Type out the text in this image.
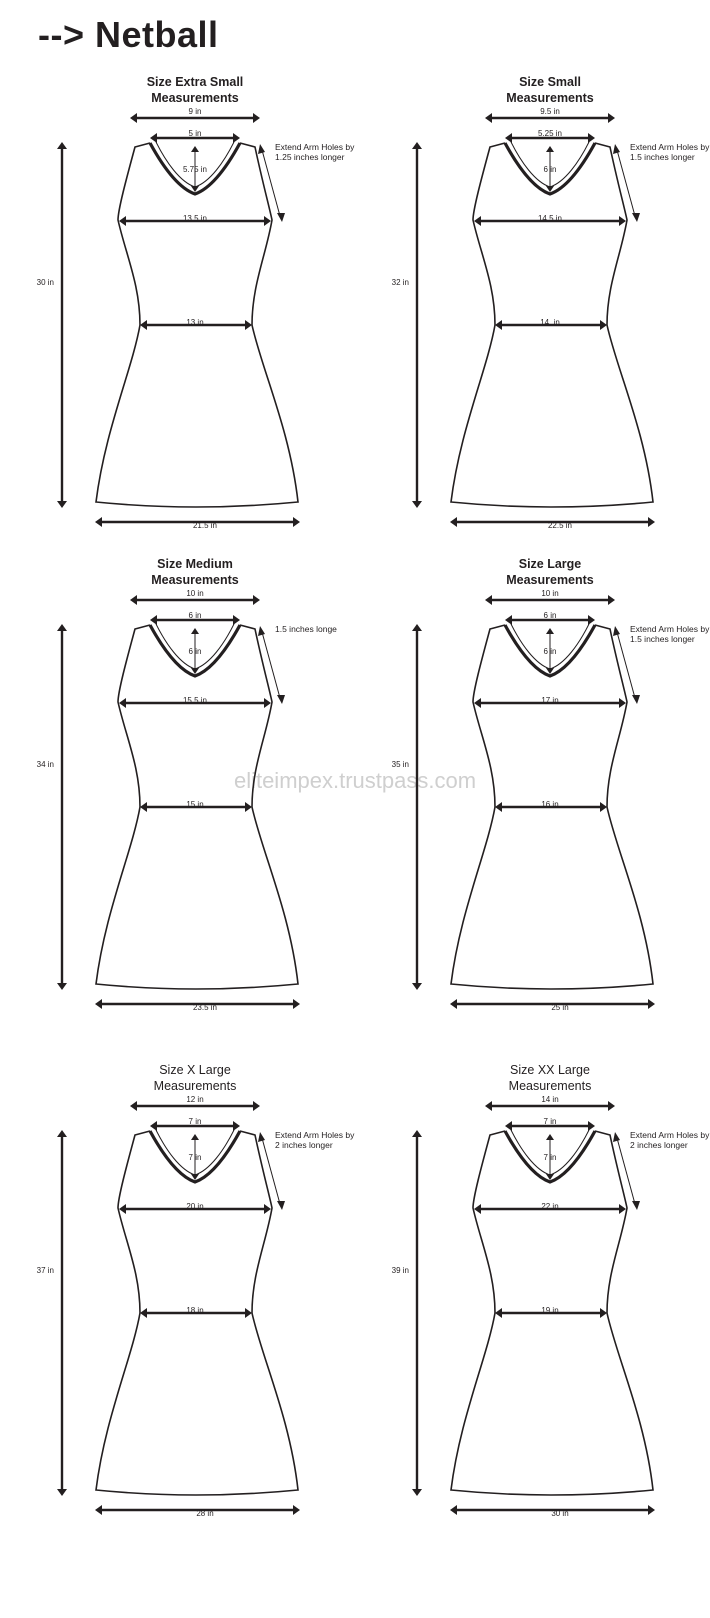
--> Netball
eliteimpex.trustpass.com
Size Extra Small
Measurements
9 in
5 in
5.75 in
13.5 in
13 in
21.5 in
30 in
Extend Arm Holes by
1.25 inches longer
Size Small
Measurements
9.5 in
5.25 in
6 in
14.5 in
14. in
22.5 in
32 in
Extend Arm Holes by
1.5 inches longer
Size Medium
Measurements
10 in
6 in
6 in
15.5 in
15 in
23.5 in
34 in
1.5 inches longe
Size Large
Measurements
10 in
6 in
6 in
17 in
16 in
25 in
35 in
Extend Arm Holes by
1.5 inches longer
Size X Large
Measurements
12 in
7 in
7 in
20 in
18 in
28 in
37 in
Extend Arm Holes by
2 inches longer
Size XX Large
Measurements
14 in
7 in
7 in
22 in
19 in
30 in
39 in
Extend Arm Holes by
2 inches longer
